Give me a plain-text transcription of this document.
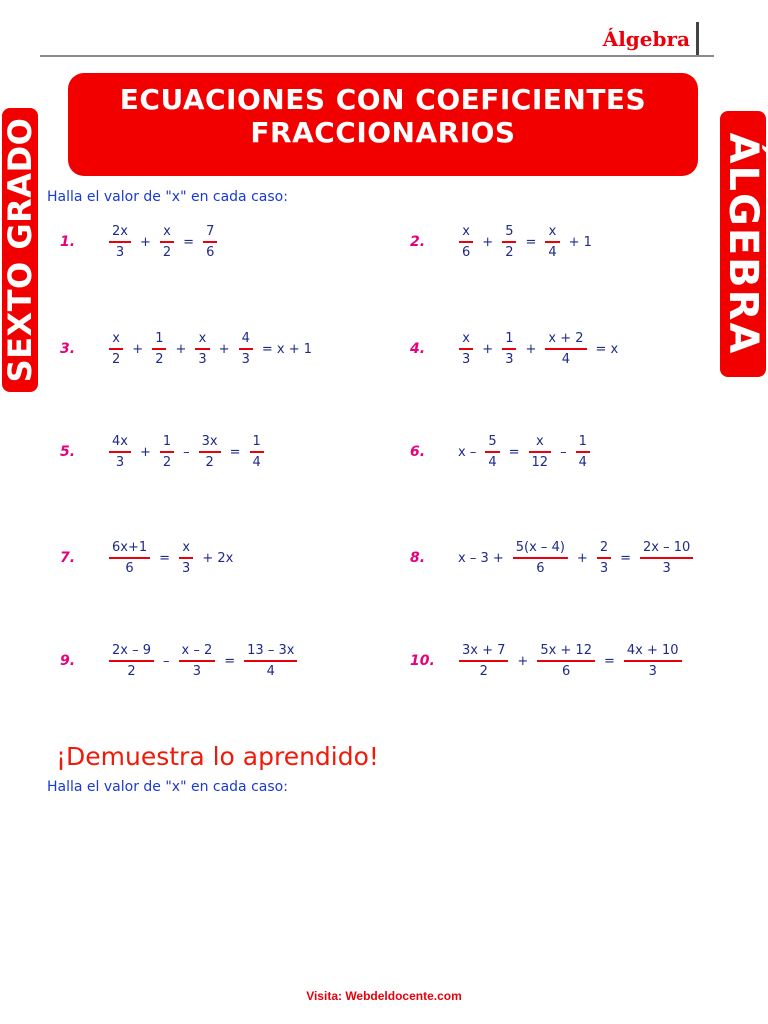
Álgebra
ECUACIONES CON COEFICIENTES
FRACCIONARIOS
SEXTO GRADO	ÁLGEBRA
Halla el valor de "x" en cada caso:
1.	$\frac{2x}{3} + \frac{x}{2} = \frac{7}{6}$	2.	$\frac{x}{6} + \frac{5}{2} = \frac{x}{4} + 1$
3.	$\frac{x}{2} + \frac{1}{2} + \frac{x}{3} + \frac{4}{3} = x + 1$	4.	$\frac{x}{3} + \frac{1}{3} + \frac{x + 2}{4} = x$
5.	$\frac{4x}{3} + \frac{1}{2} - \frac{3x}{2} = \frac{1}{4}$	6.	$x - \frac{5}{4} = \frac{x}{12} - \frac{1}{4}$
7.	$\frac{6x+1}{6} = \frac{x}{3} + 2x$	8.	$x - 3 + \frac{5(x - 4)}{6} + \frac{2}{3} = \frac{2x - 10}{3}$
9.	$\frac{2x - 9}{2} - \frac{x - 2}{3} = \frac{13 - 3x}{4}$	10.	$\frac{3x + 7}{2} + \frac{5x + 12}{6} = \frac{4x + 10}{3}$
¡Demuestra lo aprendido!
Halla el valor de "x" en cada caso:
Visita: Webdeldocente.com
